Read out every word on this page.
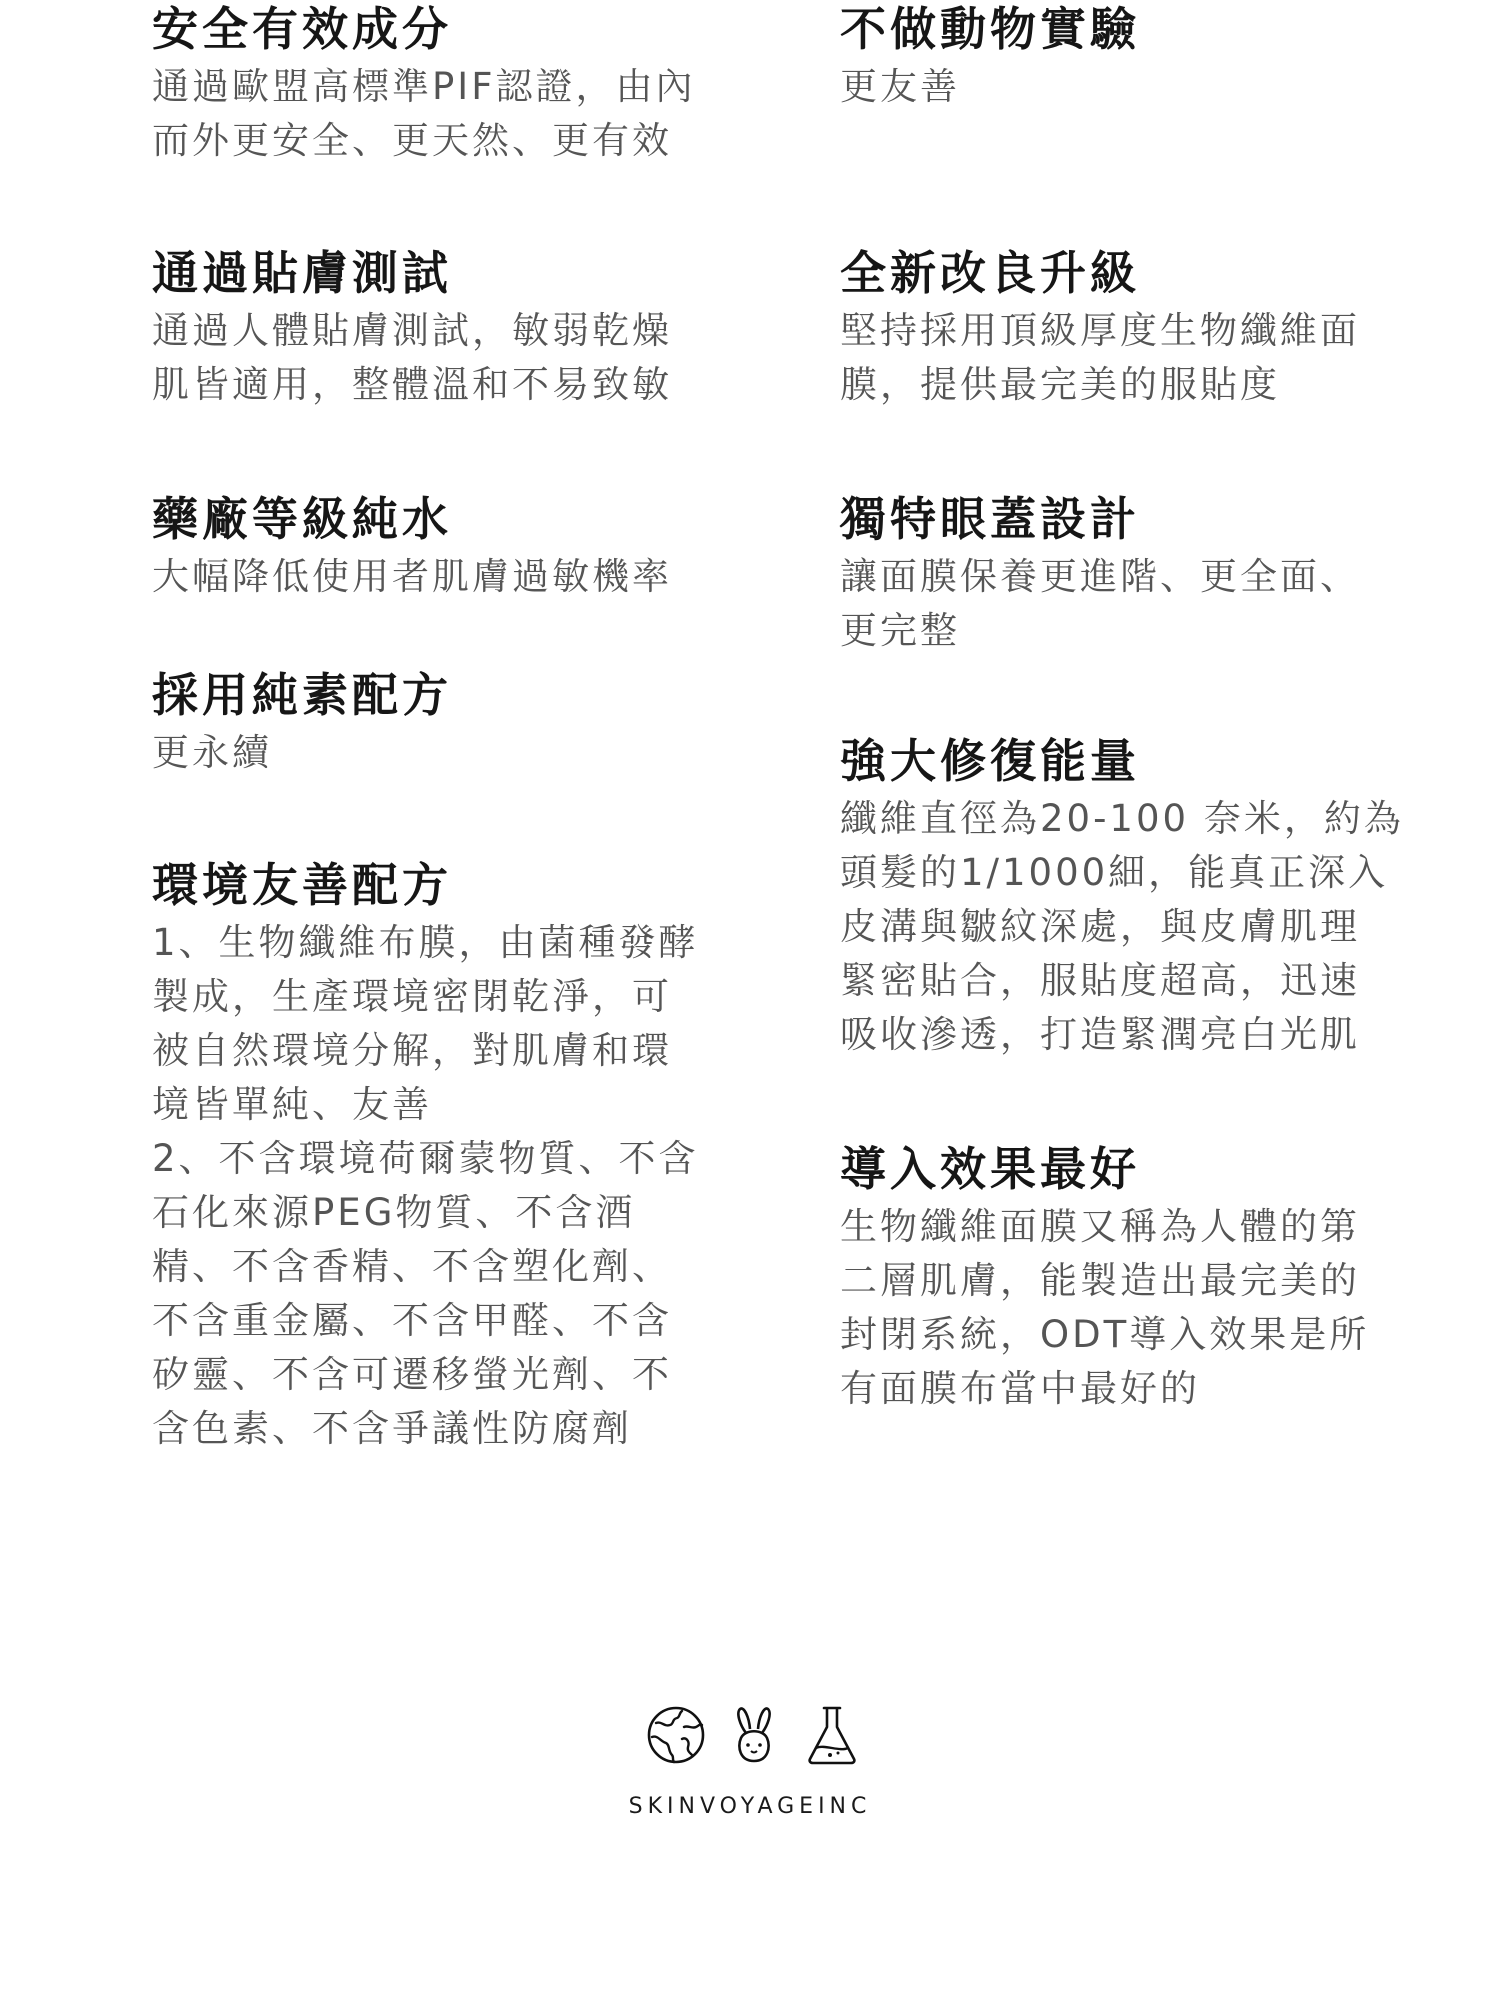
安全有效成分
通過歐盟高標準PIF認證，由內
而外更安全、更天然、更有效
通過貼膚測試
通過人體貼膚測試，敏弱乾燥
肌皆適用，整體溫和不易致敏
藥廠等級純水
大幅降低使用者肌膚過敏機率
採用純素配方
更永續
環境友善配方
1、生物纖維布膜，由菌種發酵
製成，生產環境密閉乾淨，可
被自然環境分解，對肌膚和環
境皆單純、友善
2、不含環境荷爾蒙物質、不含
石化來源PEG物質、不含酒
精、不含香精、不含塑化劑、
不含重金屬、不含甲醛、不含
矽靈、不含可遷移螢光劑、不
含色素、不含爭議性防腐劑
不做動物實驗
更友善
全新改良升級
堅持採用頂級厚度生物纖維面
膜，提供最完美的服貼度
獨特眼蓋設計
讓面膜保養更進階、更全面、
更完整
強大修復能量
纖維直徑為20-100 奈米，約為
頭髮的1/1000細，能真正深入
皮溝與皺紋深處，與皮膚肌理
緊密貼合，服貼度超高，迅速
吸收滲透，打造緊潤亮白光肌
導入效果最好
生物纖維面膜又稱為人體的第
二層肌膚，能製造出最完美的
封閉系統，ODT導入效果是所
有面膜布當中最好的
SKINVOYAGEINC
